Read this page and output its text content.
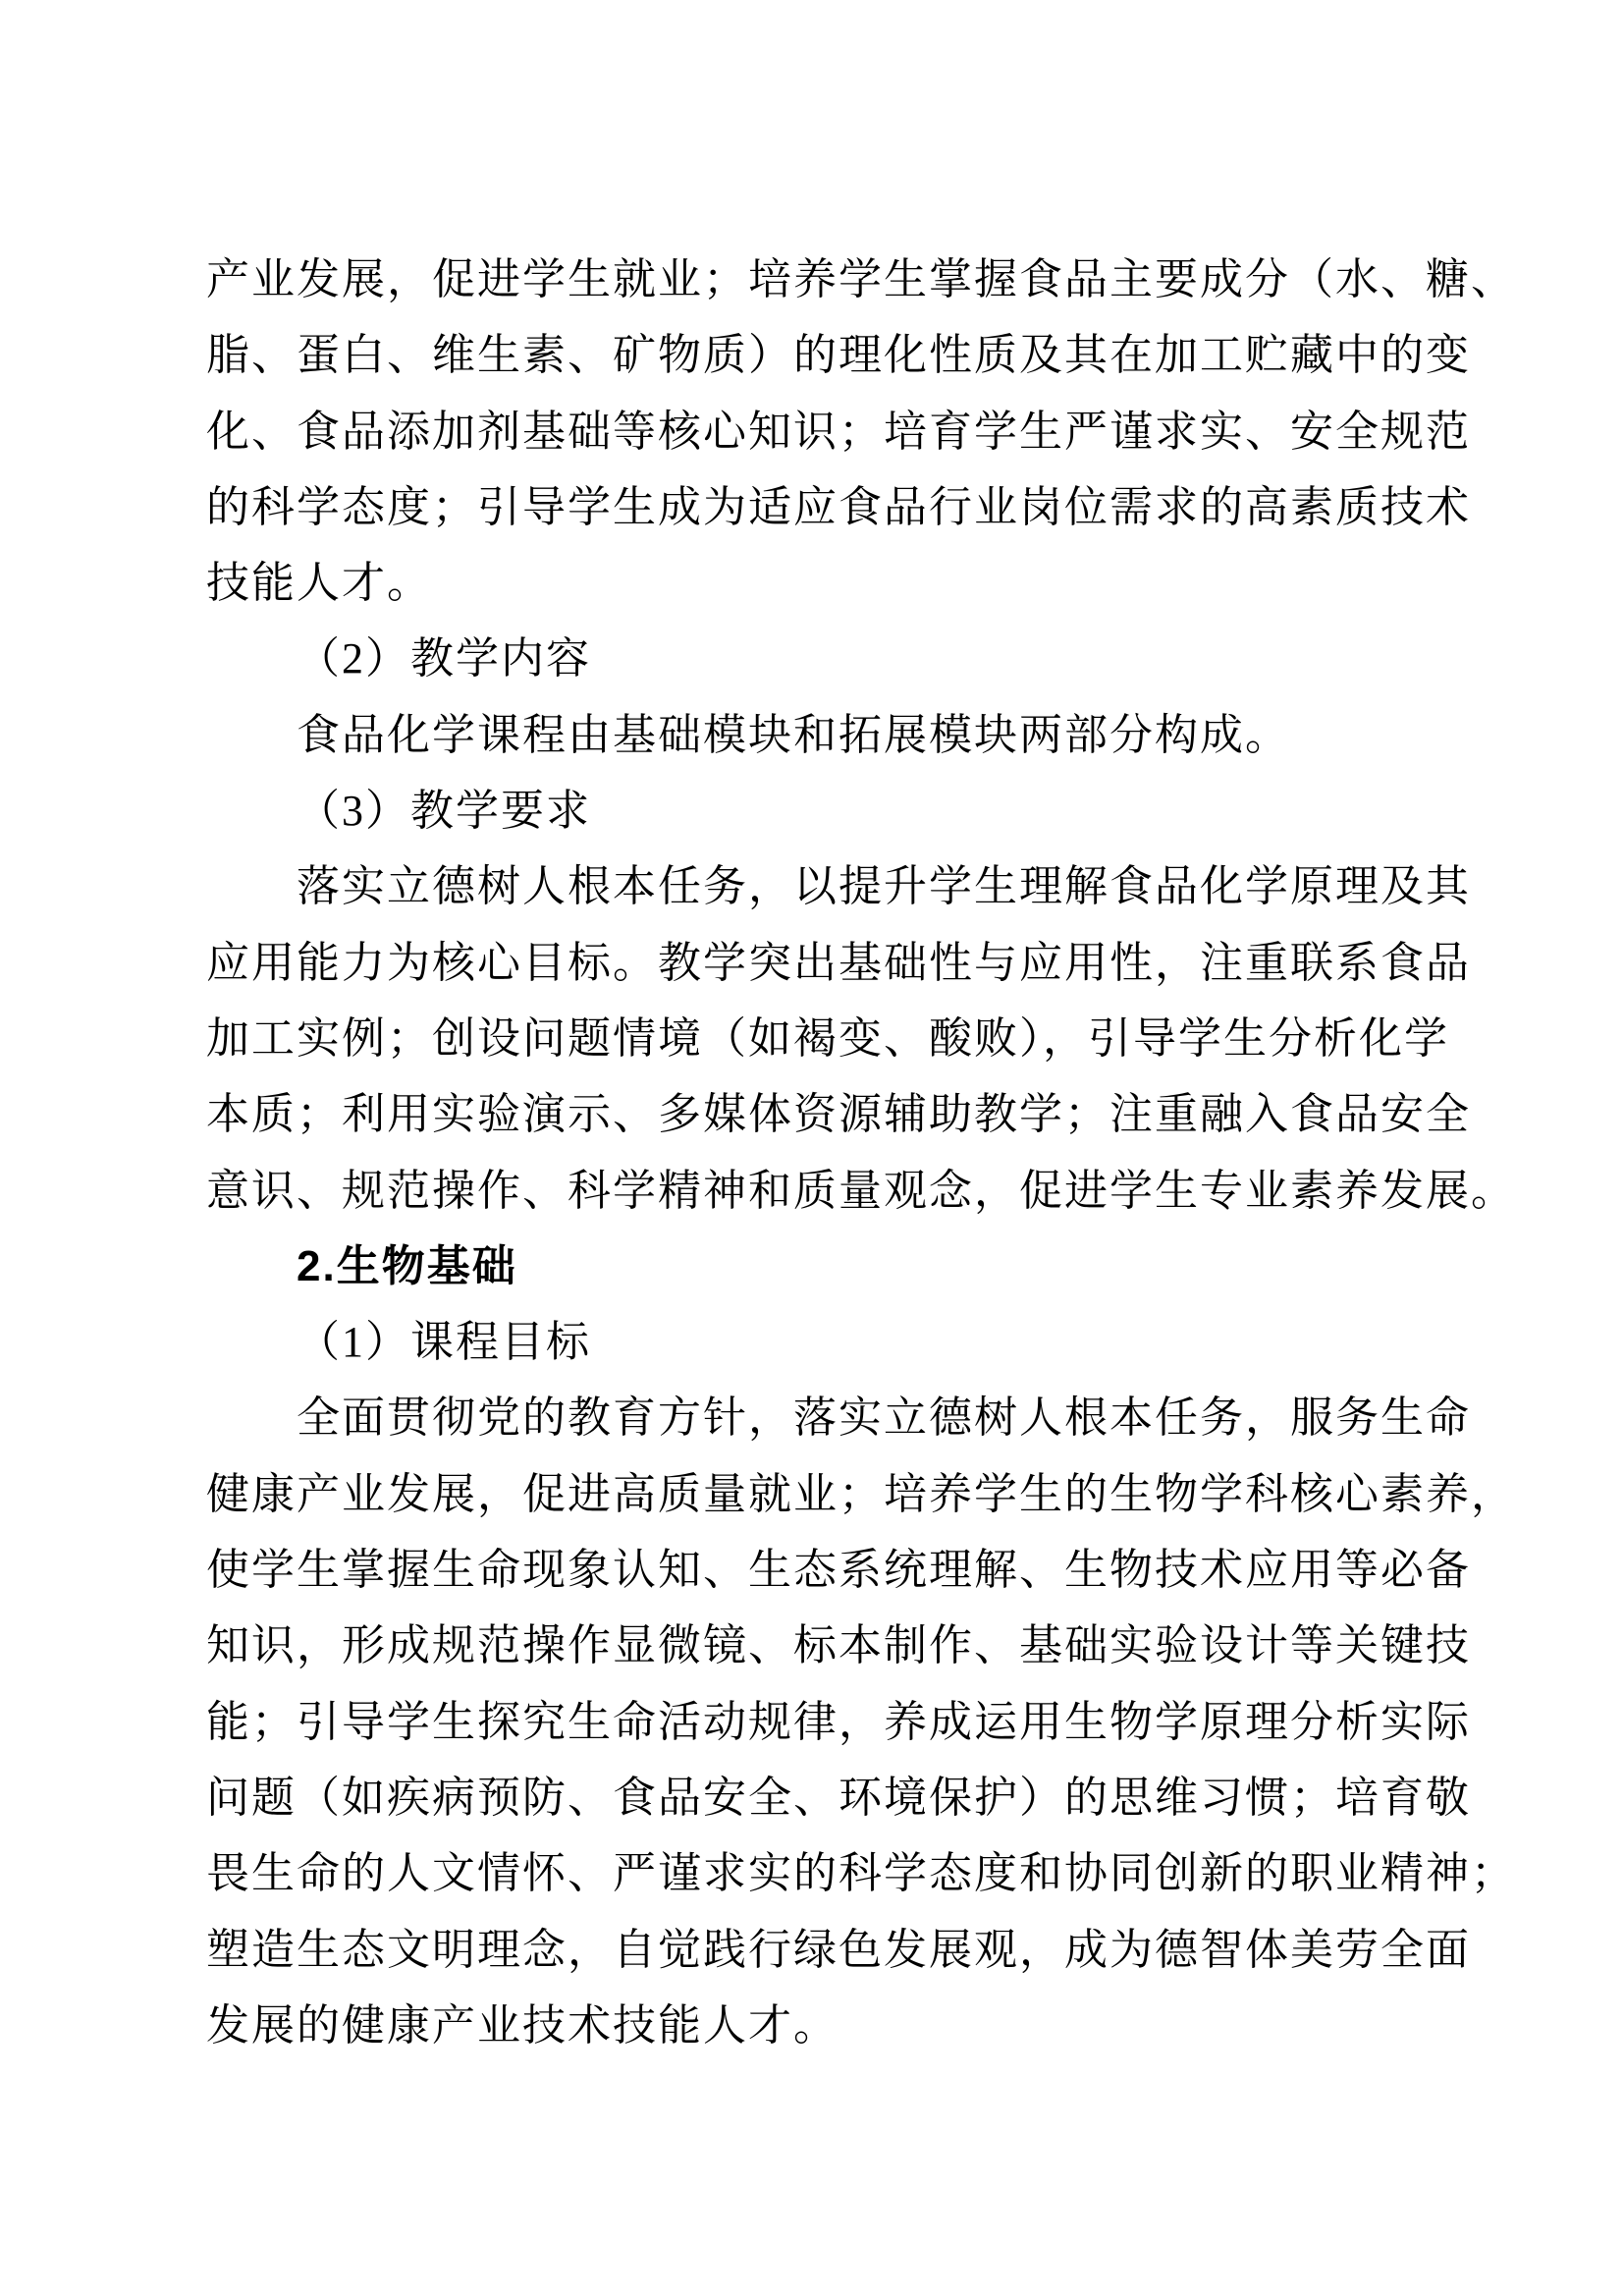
产业发展，促进学生就业；培养学生掌握食品主要成分（水、糖、
脂、蛋白、维生素、矿物质）的理化性质及其在加工贮藏中的变
化、食品添加剂基础等核心知识；培育学生严谨求实、安全规范
的科学态度；引导学生成为适应食品行业岗位需求的高素质技术
技能人才。
（2）教学内容
食品化学课程由基础模块和拓展模块两部分构成。
（3）教学要求
落实立德树人根本任务，以提升学生理解食品化学原理及其
应用能力为核心目标。教学突出基础性与应用性，注重联系食品
加工实例；创设问题情境（如褐变、酸败），引导学生分析化学
本质；利用实验演示、多媒体资源辅助教学；注重融入食品安全
意识、规范操作、科学精神和质量观念，促进学生专业素养发展。
2.生物基础
（1）课程目标
全面贯彻党的教育方针，落实立德树人根本任务，服务生命
健康产业发展，促进高质量就业；培养学生的生物学科核心素养，
使学生掌握生命现象认知、生态系统理解、生物技术应用等必备
知识，形成规范操作显微镜、标本制作、基础实验设计等关键技
能；引导学生探究生命活动规律，养成运用生物学原理分析实际
问题（如疾病预防、食品安全、环境保护）的思维习惯；培育敬
畏生命的人文情怀、严谨求实的科学态度和协同创新的职业精神；
塑造生态文明理念，自觉践行绿色发展观，成为德智体美劳全面
发展的健康产业技术技能人才。
